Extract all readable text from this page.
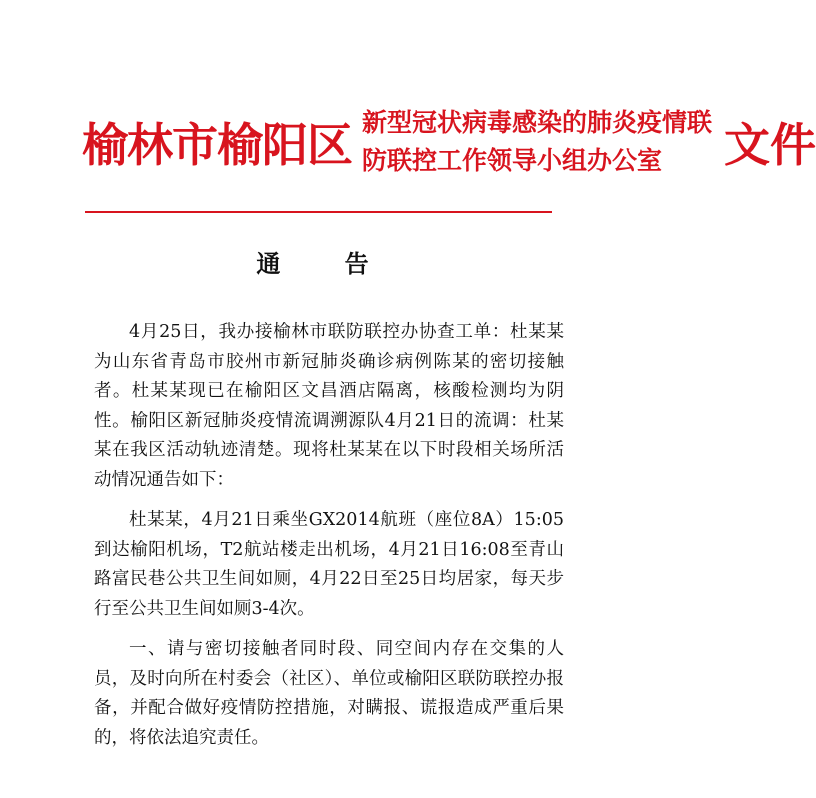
榆林市榆阳区 新型冠状病毒感染的肺炎疫情联
防联控工作领导小组办公室	文件
通 告

4月25日，我办接榆林市联防联控办协查工单：杜某某为山东省青岛市胶州市新冠肺炎确诊病例陈某的密切接触者。杜某某现已在榆阳区文昌酒店隔离，核酸检测均为阴性。榆阳区新冠肺炎疫情流调溯源队4月21日的流调：杜某某在我区活动轨迹清楚。现将杜某某在以下时段相关场所活动情况通告如下：

杜某某，4月21日乘坐GX2014航班（座位8A）15:05到达榆阳机场，T2航站楼走出机场，4月21日16:08至青山路富民巷公共卫生间如厕，4月22日至25日均居家，每天步行至公共卫生间如厕3-4次。

一、请与密切接触者同时段、同空间内存在交集的人员，及时向所在村委会（社区）、单位或榆阳区联防联控办报备，并配合做好疫情防控措施，对瞒报、谎报造成严重后果的，将依法追究责任。
